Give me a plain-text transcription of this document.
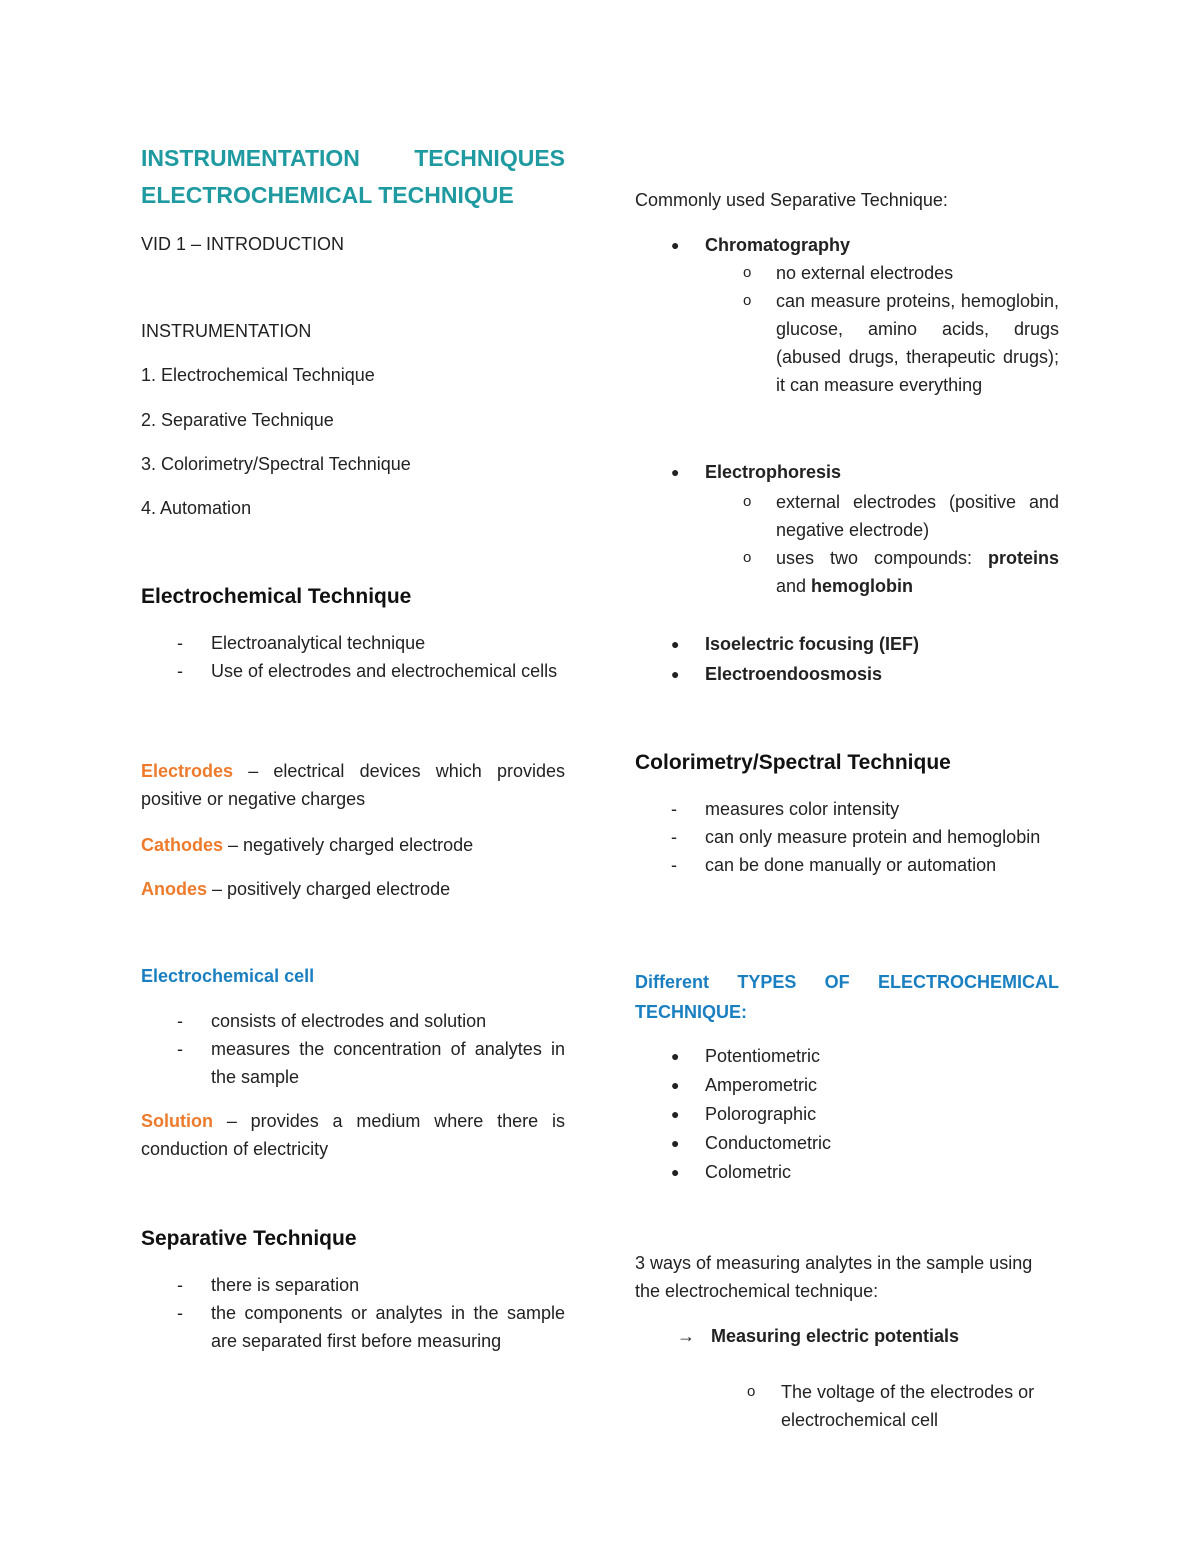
INSTRUMENTATION TECHNIQUES
ELECTROCHEMICAL TECHNIQUE
VID 1 – INTRODUCTION
INSTRUMENTATION
1. Electrochemical Technique
2. Separative Technique
3. Colorimetry/Spectral Technique
4. Automation
Electrochemical Technique
- Electroanalytical technique
- Use of electrodes and electrochemical cells
Electrodes – electrical devices which provides positive or negative charges
Cathodes – negatively charged electrode
Anodes – positively charged electrode
Electrochemical cell
- consists of electrodes and solution
- measures the concentration of analytes in the sample
Solution – provides a medium where there is conduction of electricity
Separative Technique
- there is separation
- the components or analytes in the sample are separated first before measuring
Commonly used Separative Technique:
● Chromatography
o no external electrodes
o can measure proteins, hemoglobin, glucose, amino acids, drugs (abused drugs, therapeutic drugs); it can measure everything
● Electrophoresis
o external electrodes (positive and negative electrode)
o uses two compounds: proteins and hemoglobin
● Isoelectric focusing (IEF)
● Electroendoosmosis
Colorimetry/Spectral Technique
- measures color intensity
- can only measure protein and hemoglobin
- can be done manually or automation
Different TYPES OF ELECTROCHEMICAL
TECHNIQUE:
● Potentiometric
● Amperometric
● Polorographic
● Conductometric
● Colometric
3 ways of measuring analytes in the sample using the electrochemical technique:
→ Measuring electric potentials
o The voltage of the electrodes or electrochemical cell
